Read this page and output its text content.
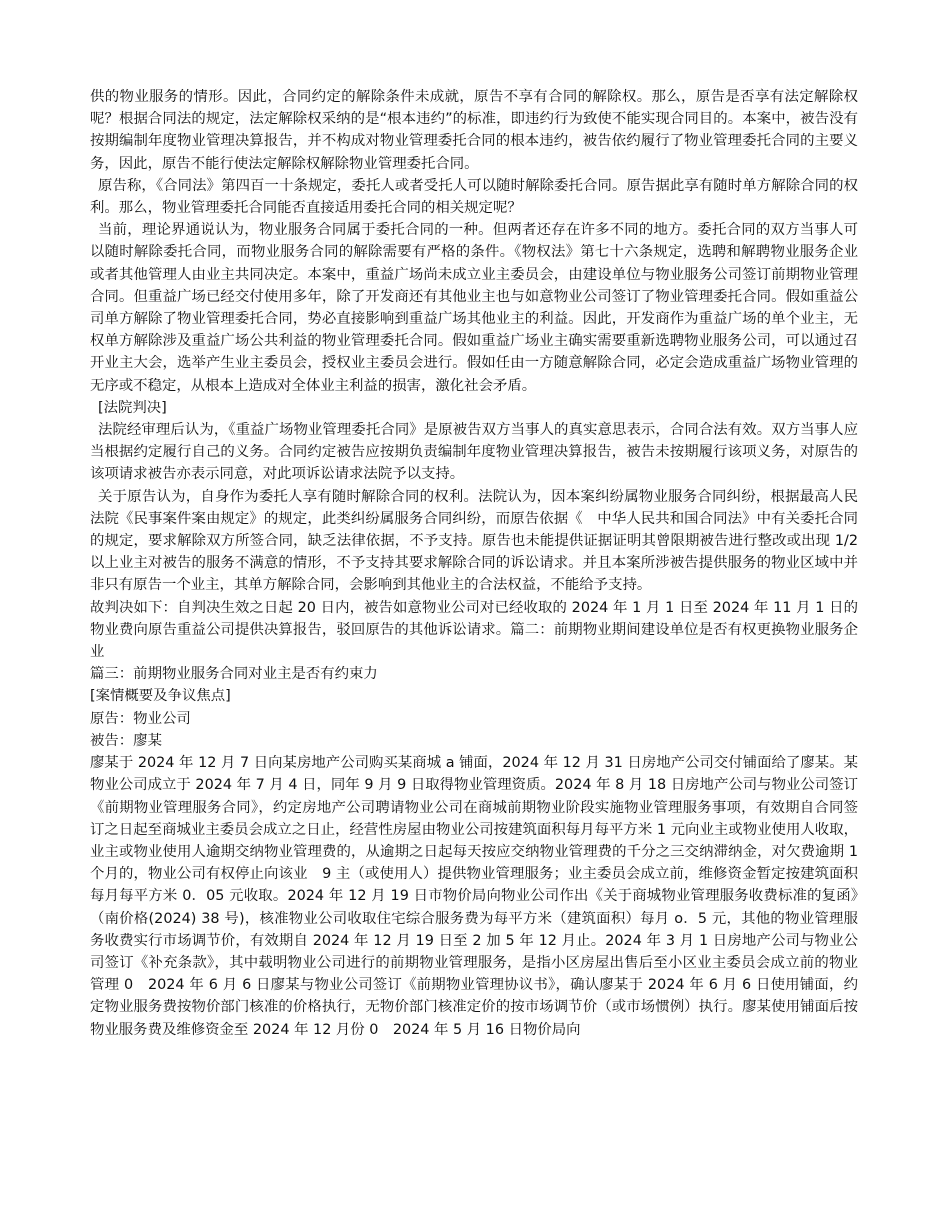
供的物业服务的情形。因此，合同约定的解除条件未成就，原告不享有合同的解除权。那么，原告是否享有法定解除权呢？根据合同法的规定，法定解除权采纳的是“根本违约”的标准，即违约行为致使不能实现合同目的。本案中，被告没有按期编制年度物业管理决算报告，并不构成对物业管理委托合同的根本违约，被告依约履行了物业管理委托合同的主要义务，因此，原告不能行使法定解除权解除物业管理委托合同。

原告称，《合同法》第四百一十条规定，委托人或者受托人可以随时解除委托合同。原告据此享有随时单方解除合同的权利。那么，物业管理委托合同能否直接适用委托合同的相关规定呢？

当前，理论界通说认为，物业服务合同属于委托合同的一种。但两者还存在许多不同的地方。委托合同的双方当事人可以随时解除委托合同，而物业服务合同的解除需要有严格的条件。《物权法》第七十六条规定，选聘和解聘物业服务企业或者其他管理人由业主共同决定。本案中，重益广场尚未成立业主委员会，由建设单位与物业服务公司签订前期物业管理合同。但重益广场已经交付使用多年，除了开发商还有其他业主也与如意物业公司签订了物业管理委托合同。假如重益公司单方解除了物业管理委托合同，势必直接影响到重益广场其他业主的利益。因此，开发商作为重益广场的单个业主，无权单方解除涉及重益广场公共利益的物业管理委托合同。假如重益广场业主确实需要重新选聘物业服务公司，可以通过召开业主大会，选举产生业主委员会，授权业主委员会进行。假如任由一方随意解除合同，必定会造成重益广场物业管理的无序或不稳定，从根本上造成对全体业主利益的损害，激化社会矛盾。

[法院判决]

法院经审理后认为，《重益广场物业管理委托合同》是原被告双方当事人的真实意思表示，合同合法有效。双方当事人应当根据约定履行自己的义务。合同约定被告应按期负责编制年度物业管理决算报告，被告未按期履行该项义务，对原告的该项请求被告亦表示同意，对此项诉讼请求法院予以支持。

关于原告认为，自身作为委托人享有随时解除合同的权利。法院认为，因本案纠纷属物业服务合同纠纷，根据最高人民法院《民事案件案由规定》的规定，此类纠纷属服务合同纠纷，而原告依据《　中华人民共和国合同法》中有关委托合同的规定，要求解除双方所签合同，缺乏法律依据，不予支持。原告也未能提供证据证明其曾限期被告进行整改或出现 1/2 以上业主对被告的服务不满意的情形，不予支持其要求解除合同的诉讼请求。并且本案所涉被告提供服务的物业区域中并非只有原告一个业主，其单方解除合同，会影响到其他业主的合法权益，不能给予支持。

故判决如下：自判决生效之日起 20 日内，被告如意物业公司对已经收取的 2024 年 1 月 1 日至 2024 年 11 月 1 日的物业费向原告重益公司提供决算报告，驳回原告的其他诉讼请求。篇二：前期物业期间建设单位是否有权更换物业服务企业

篇三：前期物业服务合同对业主是否有约束力

[案情概要及争议焦点]

原告：物业公司

被告：廖某

廖某于 2024 年 12 月 7 日向某房地产公司购买某商城 a 铺面，2024 年 12 月 31 日房地产公司交付铺面给了廖某。某物业公司成立于 2024 年 7 月 4 日，同年 9 月 9 日取得物业管理资质。2024 年 8 月 18 日房地产公司与物业公司签订《前期物业管理服务合同》，约定房地产公司聘请物业公司在商城前期物业阶段实施物业管理服务事项，有效期自合同签订之日起至商城业主委员会成立之日止，经营性房屋由物业公司按建筑面积每月每平方米 1 元向业主或物业使用人收取，业主或物业使用人逾期交纳物业管理费的，从逾期之日起每天按应交纳物业管理费的千分之三交纳滞纳金，对欠费逾期 1 个月的，物业公司有权停止向该业　9 主（或使用人）提供物业管理服务；业主委员会成立前，维修资金暂定按建筑面积每月每平方米 0．05 元收取。2024 年 12 月 19 日市物价局向物业公司作出《关于商城物业管理服务收费标准的复函》　（南价格(2024) 38 号)，核准物业公司收取住宅综合服务费为每平方米（建筑面积）每月 o．5 元，其他的物业管理服务收费实行市场调节价，有效期自 2024 年 12 月 19 日至 2 加 5 年 12 月止。2024 年 3 月 1 日房地产公司与物业公司签订《补充条款》，其中载明物业公司进行的前期物业管理服务，是指小区房屋出售后至小区业主委员会成立前的物业管理 0　2024 年 6 月 6 日廖某与物业公司签订《前期物业管理协议书》，确认廖某于 2024 年 6 月 6 日使用铺面，约定物业服务费按物价部门核准的价格执行，无物价部门核准定价的按市场调节价（或市场惯例）执行。廖某使用铺面后按物业服务费及维修资金至 2024 年 12 月份 0　2024 年 5 月 16 日物价局向
